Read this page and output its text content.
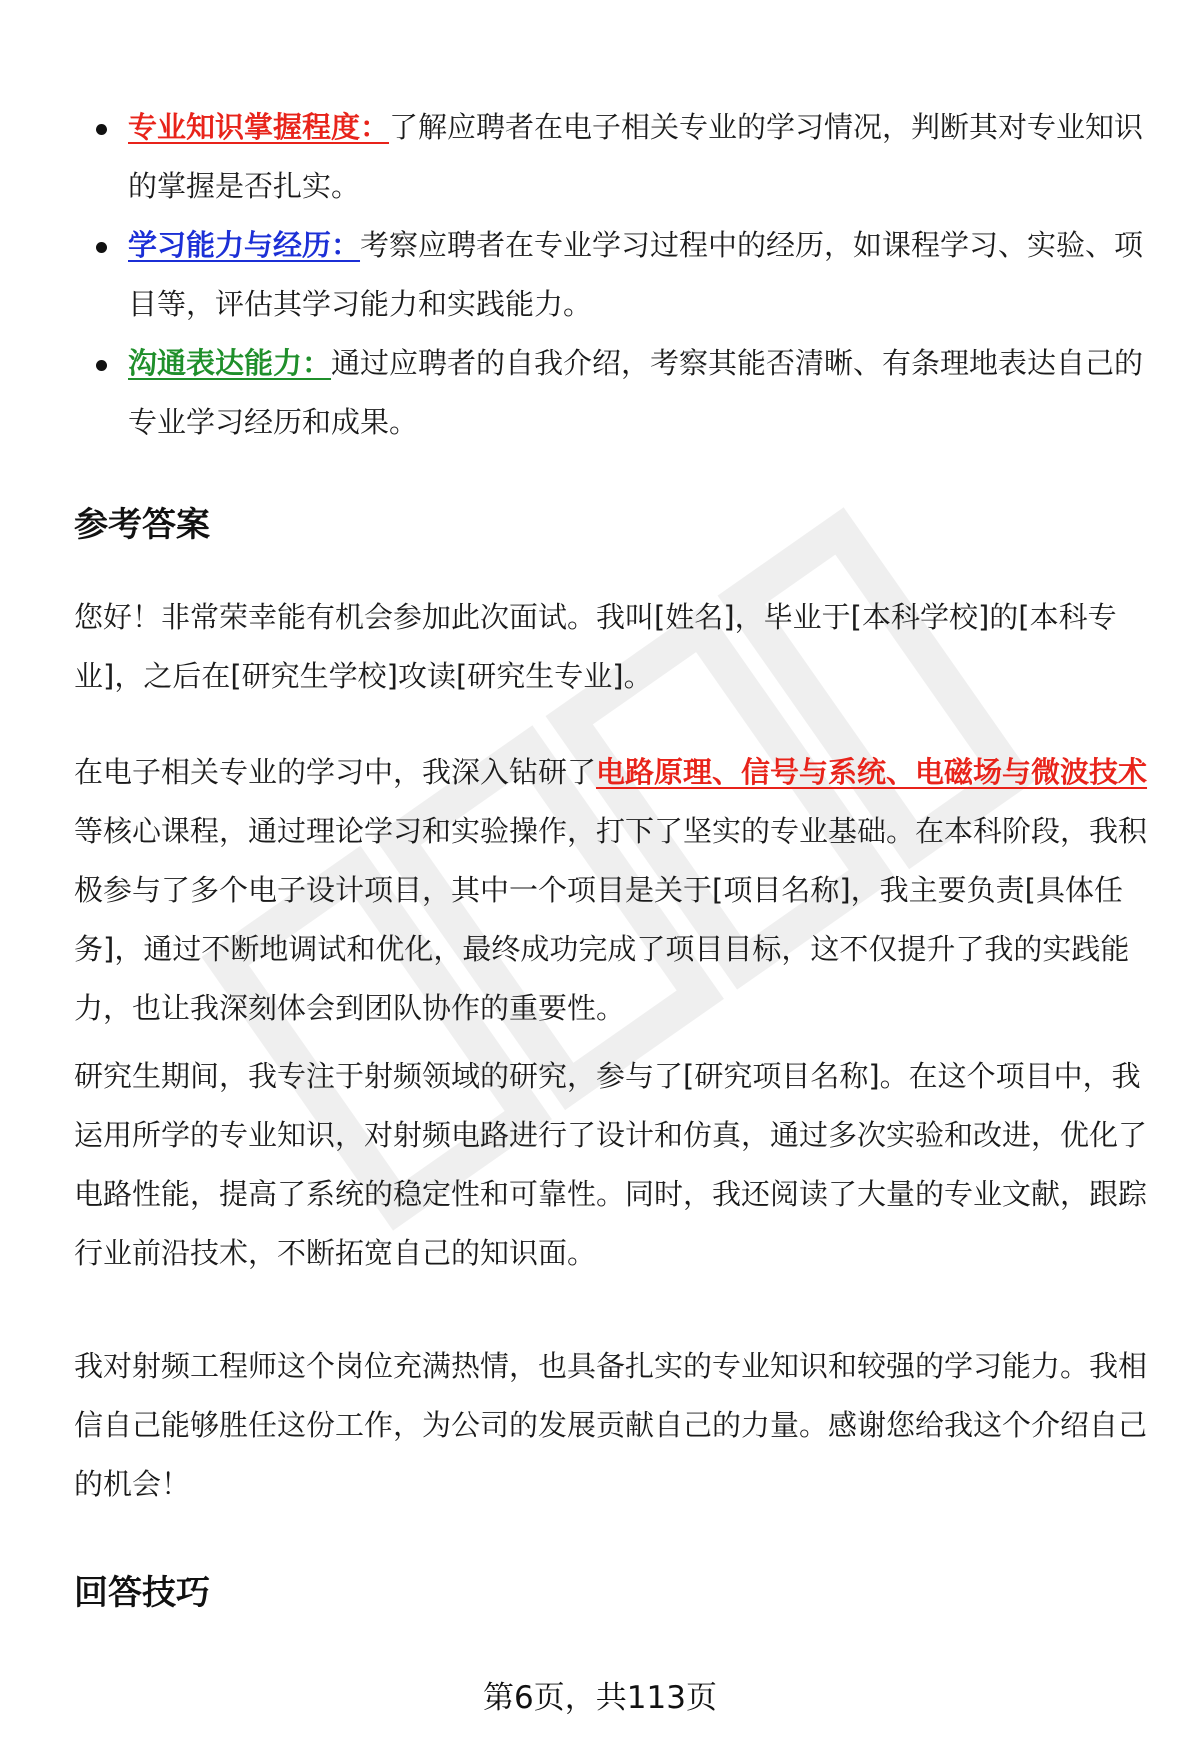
专业知识掌握程度：了解应聘者在电子相关专业的学习情况，判断其对专业知识的掌握是否扎实。
学习能力与经历：考察应聘者在专业学习过程中的经历，如课程学习、实验、项目等，评估其学习能力和实践能力。
沟通表达能力：通过应聘者的自我介绍，考察其能否清晰、有条理地表达自己的专业学习经历和成果。
参考答案

您好！非常荣幸能有机会参加此次面试。我叫[姓名]，毕业于[本科学校]的[本科专业]，之后在[研究生学校]攻读[研究生专业]。

在电子相关专业的学习中，我深入钻研了电路原理、信号与系统、电磁场与微波技术等核心课程，通过理论学习和实验操作，打下了坚实的专业基础。在本科阶段，我积极参与了多个电子设计项目，其中一个项目是关于[项目名称]，我主要负责[具体任务]，通过不断地调试和优化，最终成功完成了项目目标，这不仅提升了我的实践能力，也让我深刻体会到团队协作的重要性。

研究生期间，我专注于射频领域的研究，参与了[研究项目名称]。在这个项目中，我运用所学的专业知识，对射频电路进行了设计和仿真，通过多次实验和改进，优化了电路性能，提高了系统的稳定性和可靠性。同时，我还阅读了大量的专业文献，跟踪行业前沿技术，不断拓宽自己的知识面。

我对射频工程师这个岗位充满热情，也具备扎实的专业知识和较强的学习能力。我相信自己能够胜任这份工作，为公司的发展贡献自己的力量。感谢您给我这个介绍自己的机会！

回答技巧
第6页，共113页
